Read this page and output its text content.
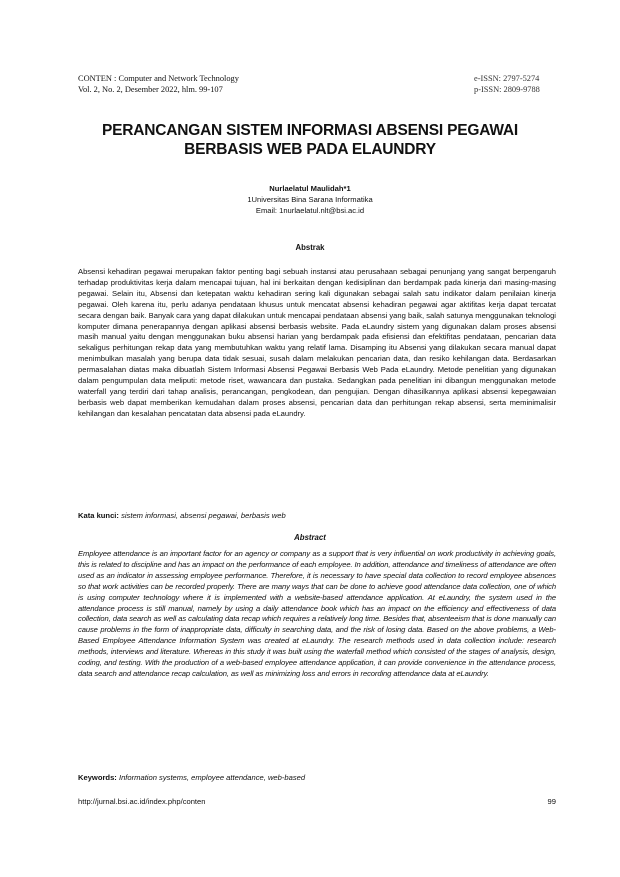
CONTEN : Computer and Network Technology
Vol. 2, No. 2, Desember 2022, hlm. 99-107
e-ISSN: 2797-5274
p-ISSN: 2809-9788
PERANCANGAN SISTEM INFORMASI ABSENSI PEGAWAI
BERBASIS WEB PADA ELAUNDRY
Nurlaelatul Maulidah*1
1Universitas Bina Sarana Informatika
Email: 1nurlaelatul.nlt@bsi.ac.id
Abstrak

Absensi kehadiran pegawai merupakan faktor penting bagi sebuah instansi atau perusahaan sebagai penunjang yang sangat berpengaruh terhadap produktivitas kerja dalam mencapai tujuan, hal ini berkaitan dengan kedisiplinan dan berdampak pada kinerja dari masing-masing pegawai. Selain itu, Absensi dan ketepatan waktu kehadiran sering kali digunakan sebagai salah satu indikator dalam penilaian kinerja pegawai. Oleh karena itu, perlu adanya pendataan khusus untuk mencatat absensi kehadiran pegawai agar aktifitas kerja dapat tercatat secara dengan baik. Banyak cara yang dapat dilakukan untuk mencapai pendataan absensi yang baik, salah satunya menggunakan teknologi komputer dimana penerapannya dengan aplikasi absensi berbasis website. Pada eLaundry sistem yang digunakan dalam proses absensi masih manual yaitu dengan menggunakan buku absensi harian yang berdampak pada efisiensi dan efektifitas pendataan, pencarian data sekaligus perhitungan rekap data yang membutuhkan waktu yang relatif lama. Disamping itu Absensi yang dilakukan secara manual dapat menimbulkan masalah yang berupa data tidak sesuai, susah dalam melakukan pencarian data, dan resiko kehilangan data. Berdasarkan permasalahan diatas maka dibuatlah Sistem Informasi Absensi Pegawai Berbasis Web Pada eLaundry. Metode penelitian yang digunakan dalam pengumpulan data meliputi: metode riset, wawancara dan pustaka. Sedangkan pada penelitian ini dibangun menggunakan metode waterfall yang terdiri dari tahap analisis, perancangan, pengkodean, dan pengujian. Dengan dihasilkannya aplikasi absensi kepegawaian berbasis web dapat memberikan kemudahan dalam proses absensi, pencarian data dan perhitungan rekap absensi, serta meminimalisir kehilangan dan kesalahan pencatatan data absensi pada eLaundry.

Kata kunci: sistem informasi, absensi pegawai, berbasis web
Abstract

Employee attendance is an important factor for an agency or company as a support that is very influential on work productivity in achieving goals, this is related to discipline and has an impact on the performance of each employee. In addition, attendance and timeliness of attendance are often used as an indicator in assessing employee performance. Therefore, it is necessary to have special data collection to record employee absences so that work activities can be recorded properly. There are many ways that can be done to achieve good attendance data collection, one of which is using computer technology where it is implemented with a website-based attendance application. At eLaundry, the system used in the attendance process is still manual, namely by using a daily attendance book which has an impact on the efficiency and effectiveness of data collection, data search as well as calculating data recap which requires a relatively long time. Besides that, absenteeism that is done manually can cause problems in the form of inappropriate data, difficulty in searching data, and the risk of losing data. Based on the above problems, a Web-Based Employee Attendance Information System was created at eLaundry. The research methods used in data collection include: research methods, interviews and literature. Whereas in this study it was built using the waterfall method which consisted of the stages of analysis, design, coding, and testing. With the production of a web-based employee attendance application, it can provide convenience in the attendance process, data search and attendance recap calculation, as well as minimizing loss and errors in recording attendance data at eLaundry.

Keywords: Information systems, employee attendance, web-based
http://jurnal.bsi.ac.id/index.php/conten	99
